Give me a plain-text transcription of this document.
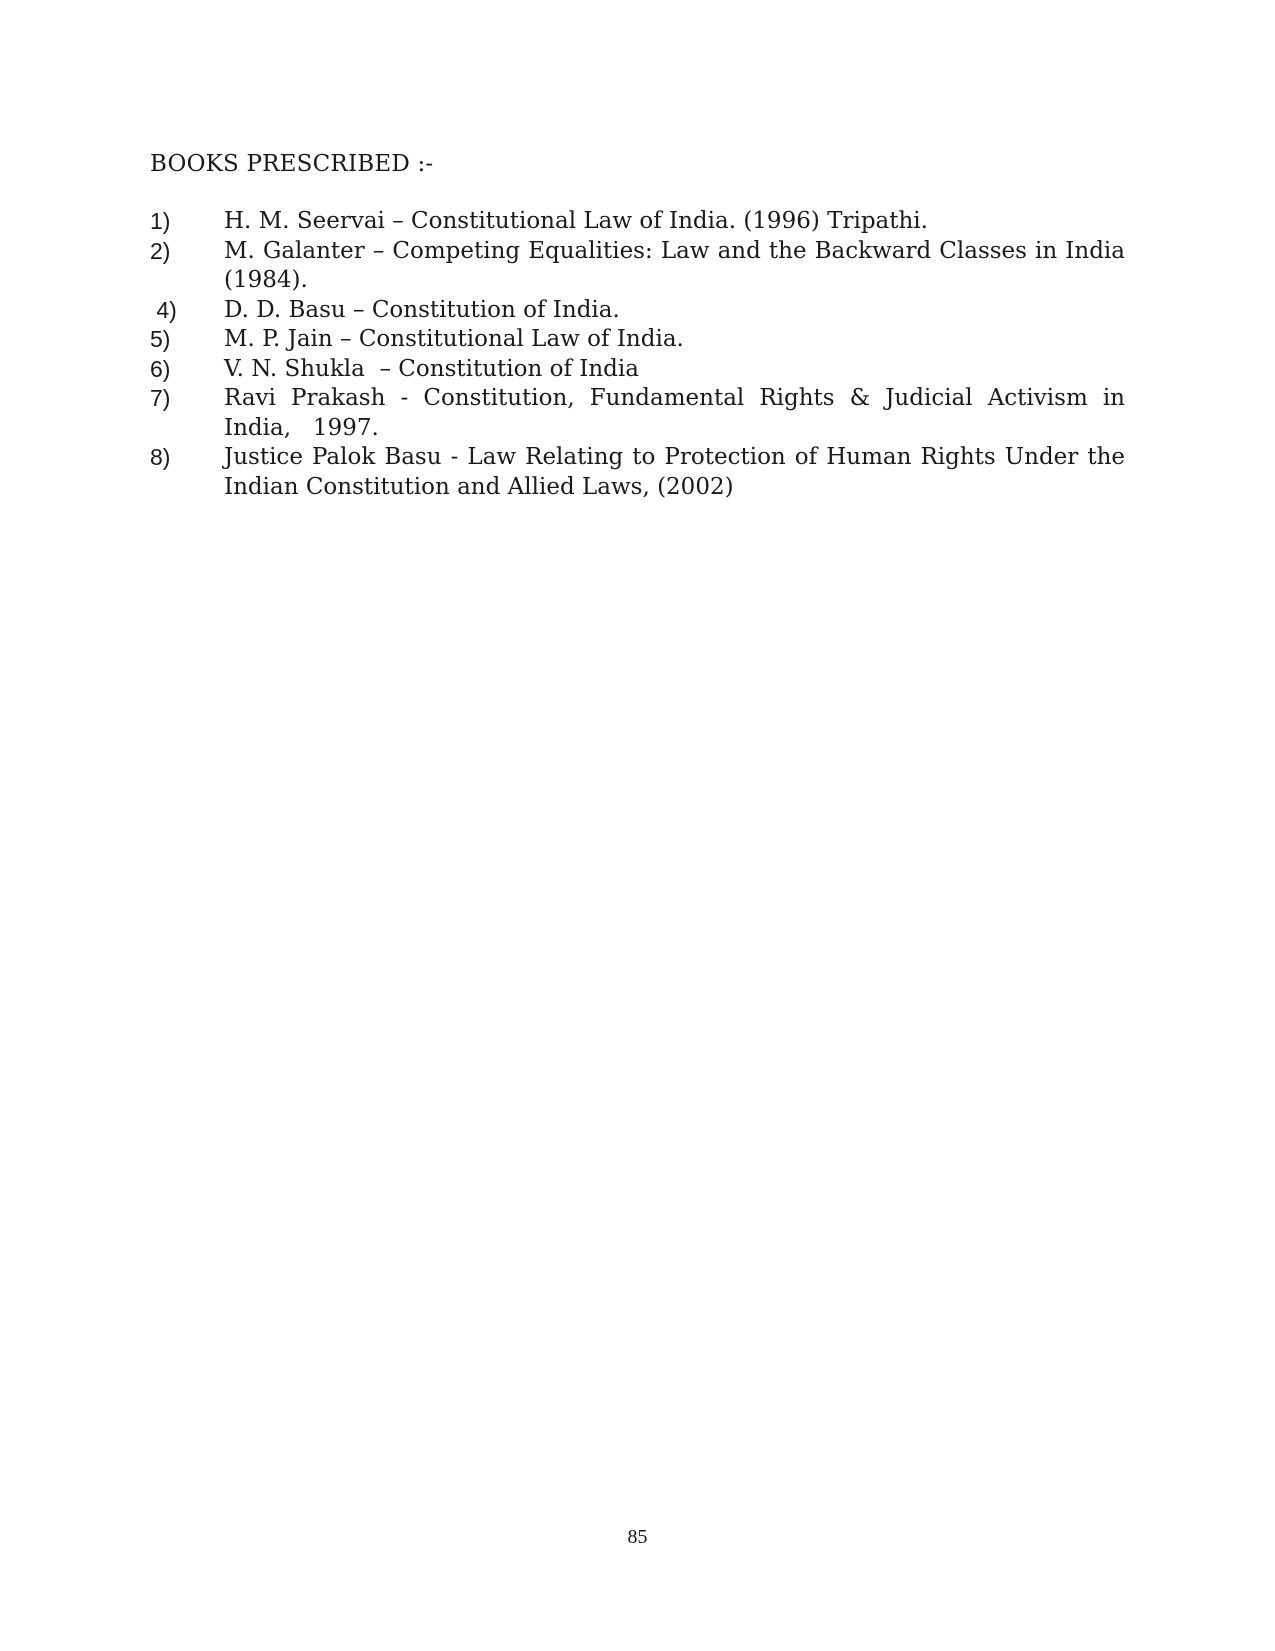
BOOKS PRESCRIBED :-
1)	H. M. Seervai – Constitutional Law of India. (1996) Tripathi.
2)	M. Galanter – Competing Equalities: Law and the Backward Classes in India  (1984).
4)	D. D. Basu – Constitution of India.
5)	M. P. Jain – Constitutional Law of India.
6)	V. N. Shukla  – Constitution of India
7)	Ravi Prakash - Constitution, Fundamental Rights & Judicial Activism in India,   1997.
8)	Justice Palok Basu - Law Relating to Protection of Human Rights Under the Indian Constitution and Allied Laws, (2002)
85
